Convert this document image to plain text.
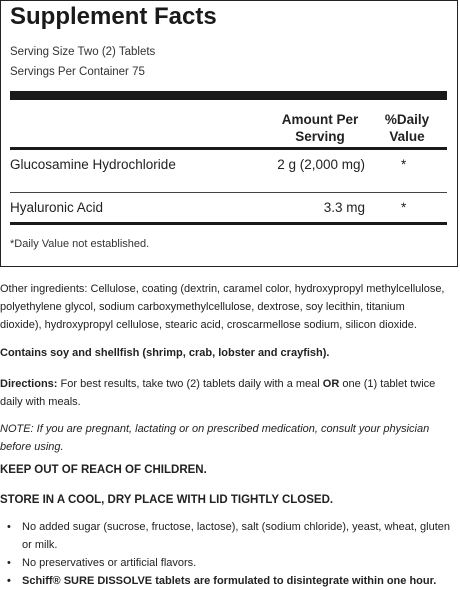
Supplement Facts
Serving Size Two (2) Tablets
Servings Per Container 75
Amount Per Serving
%Daily Value
Glucosamine Hydrochloride	2 g (2,000 mg)	*
Hyaluronic Acid	3.3 mg	*
*Daily Value not established.
Other ingredients: Cellulose, coating (dextrin, caramel color, hydroxypropyl methylcellulose, polyethylene glycol, sodium carboxymethylcellulose, dextrose, soy lecithin, titanium dioxide), hydroxypropyl cellulose, stearic acid, croscarmellose sodium, silicon dioxide.
Contains soy and shellfish (shrimp, crab, lobster and crayfish).
Directions: For best results, take two (2) tablets daily with a meal OR one (1) tablet twice daily with meals.
NOTE: If you are pregnant, lactating or on prescribed medication, consult your physician before using.
KEEP OUT OF REACH OF CHILDREN.
STORE IN A COOL, DRY PLACE WITH LID TIGHTLY CLOSED.
• No added sugar (sucrose, fructose, lactose), salt (sodium chloride), yeast, wheat, gluten or milk.
• No preservatives or artificial flavors.
• Schiff® SURE DISSOLVE tablets are formulated to disintegrate within one hour.
